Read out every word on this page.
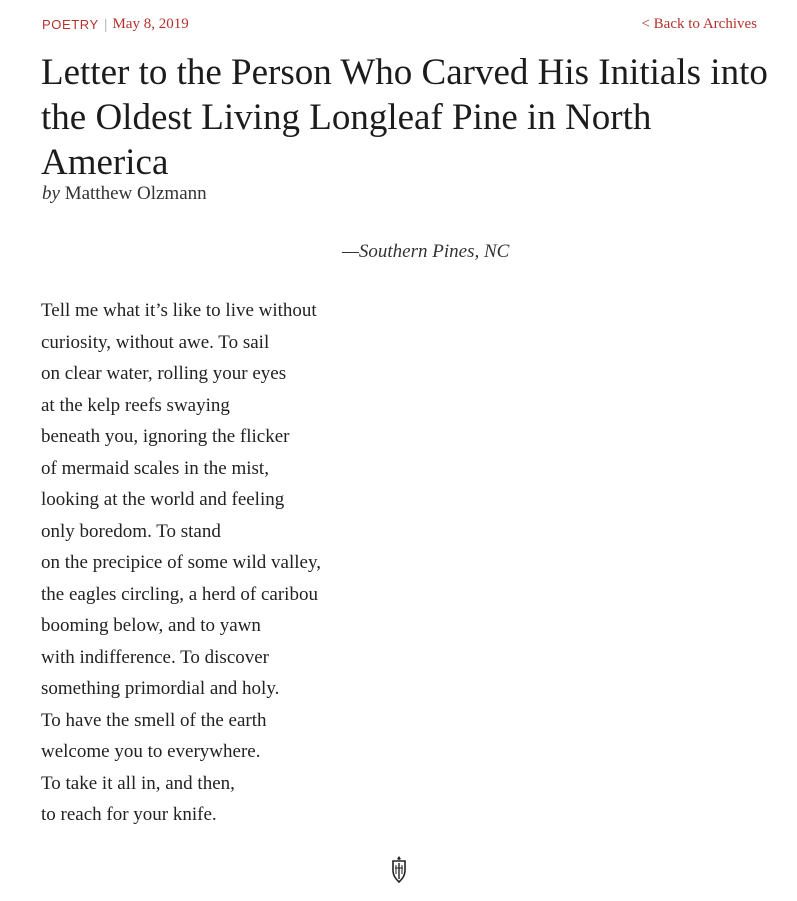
POETRY | May 8, 2019	< Back to Archives
Letter to the Person Who Carved His Initials into the Oldest Living Longleaf Pine in North America
by Matthew Olzmann
—Southern Pines, NC
Tell me what it’s like to live without
curiosity, without awe. To sail
on clear water, rolling your eyes
at the kelp reefs swaying
beneath you, ignoring the flicker
of mermaid scales in the mist,
looking at the world and feeling
only boredom. To stand
on the precipice of some wild valley,
the eagles circling, a herd of caribou
booming below, and to yawn
with indifference. To discover
something primordial and holy.
To have the smell of the earth
welcome you to everywhere.
To take it all in, and then,
to reach for your knife.
